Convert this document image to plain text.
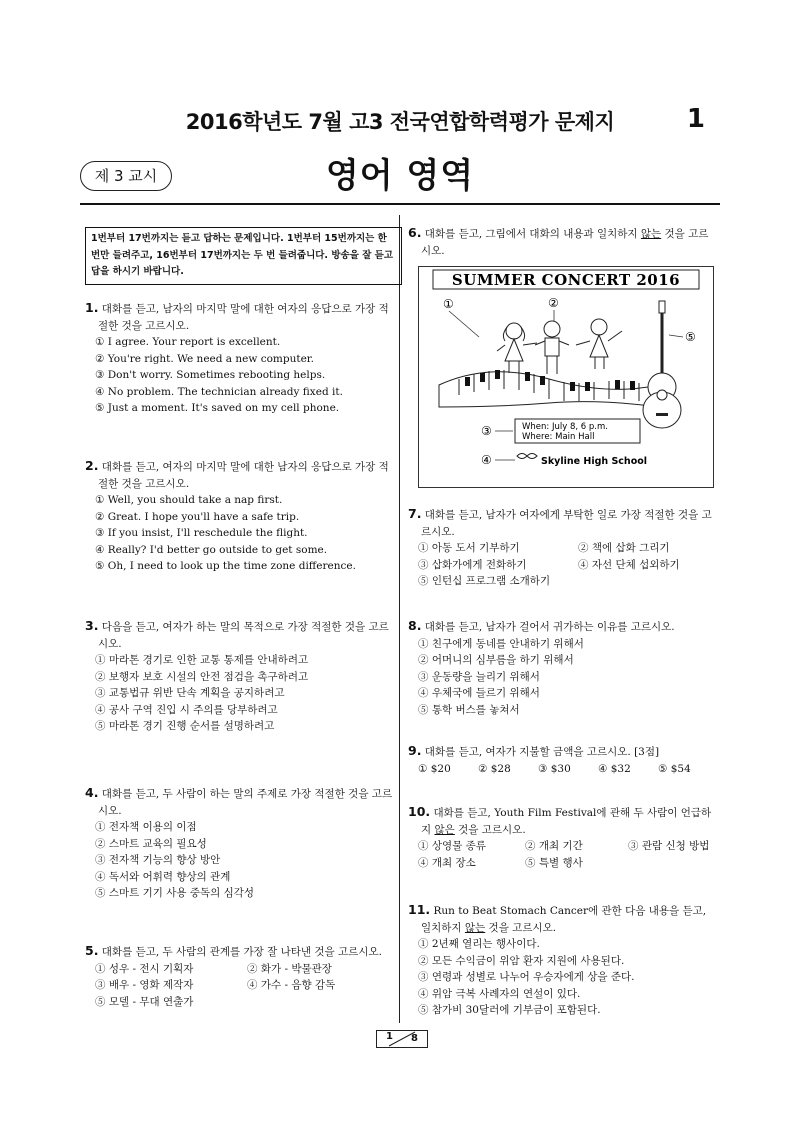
2016학년도 7월 고3 전국연합학력평가 문제지	1
제 3 교시	영어 영역
1번부터 17번까지는 듣고 답하는 문제입니다. 1번부터 15번까지는 한 번만 들려주고, 16번부터 17번까지는 두 번 들려줍니다. 방송을 잘 듣고 답을 하시기 바랍니다.
1. 대화를 듣고, 남자의 마지막 말에 대한 여자의 응답으로 가장 적절한 것을 고르시오.
① I agree. Your report is excellent.
② You're right. We need a new computer.
③ Don't worry. Sometimes rebooting helps.
④ No problem. The technician already fixed it.
⑤ Just a moment. It's saved on my cell phone.
2. 대화를 듣고, 여자의 마지막 말에 대한 남자의 응답으로 가장 적절한 것을 고르시오.
① Well, you should take a nap first.
② Great. I hope you'll have a safe trip.
③ If you insist, I'll reschedule the flight.
④ Really? I'd better go outside to get some.
⑤ Oh, I need to look up the time zone difference.
3. 다음을 듣고, 여자가 하는 말의 목적으로 가장 적절한 것을 고르시오.
① 마라톤 경기로 인한 교통 통제를 안내하려고
② 보행자 보호 시설의 안전 점검을 촉구하려고
③ 교통법규 위반 단속 계획을 공지하려고
④ 공사 구역 진입 시 주의를 당부하려고
⑤ 마라톤 경기 진행 순서를 설명하려고
4. 대화를 듣고, 두 사람이 하는 말의 주제로 가장 적절한 것을 고르시오.
① 전자책 이용의 이점
② 스마트 교육의 필요성
③ 전자책 기능의 향상 방안
④ 독서와 어휘력 향상의 관계
⑤ 스마트 기기 사용 중독의 심각성
5. 대화를 듣고, 두 사람의 관계를 가장 잘 나타낸 것을 고르시오.
① 성우 - 전시 기획자	② 화가 - 박물관장
③ 배우 - 영화 제작자	④ 가수 - 음향 감독
⑤ 모델 - 무대 연출가
6. 대화를 듣고, 그림에서 대화의 내용과 일치하지 않는 것을 고르시오.
SUMMER CONCERT 2016
①	②
⑤
③
④
When: July 8, 6 p.m.
Where: Main Hall
Skyline High School
7. 대화를 듣고, 남자가 여자에게 부탁한 일로 가장 적절한 것을 고르시오.
① 아동 도서 기부하기	② 책에 삽화 그리기
③ 삽화가에게 전화하기	④ 자선 단체 섭외하기
⑤ 인턴십 프로그램 소개하기
8. 대화를 듣고, 남자가 걸어서 귀가하는 이유를 고르시오.
① 친구에게 동네를 안내하기 위해서
② 어머니의 심부름을 하기 위해서
③ 운동량을 늘리기 위해서
④ 우체국에 들르기 위해서
⑤ 통학 버스를 놓쳐서
9. 대화를 듣고, 여자가 지불할 금액을 고르시오. [3점]
① $20	② $28	③ $30	④ $32	⑤ $54
10. 대화를 듣고, Youth Film Festival에 관해 두 사람이 언급하지 않은 것을 고르시오.
① 상영물 종류	② 개최 기간	③ 관람 신청 방법
④ 개최 장소	⑤ 특별 행사
11. Run to Beat Stomach Cancer에 관한 다음 내용을 듣고, 일치하지 않는 것을 고르시오.
① 2년째 열리는 행사이다.
② 모든 수익금이 위암 환자 지원에 사용된다.
③ 연령과 성별로 나누어 우승자에게 상을 준다.
④ 위암 극복 사례자의 연설이 있다.
⑤ 참가비 30달러에 기부금이 포함된다.
1 8
